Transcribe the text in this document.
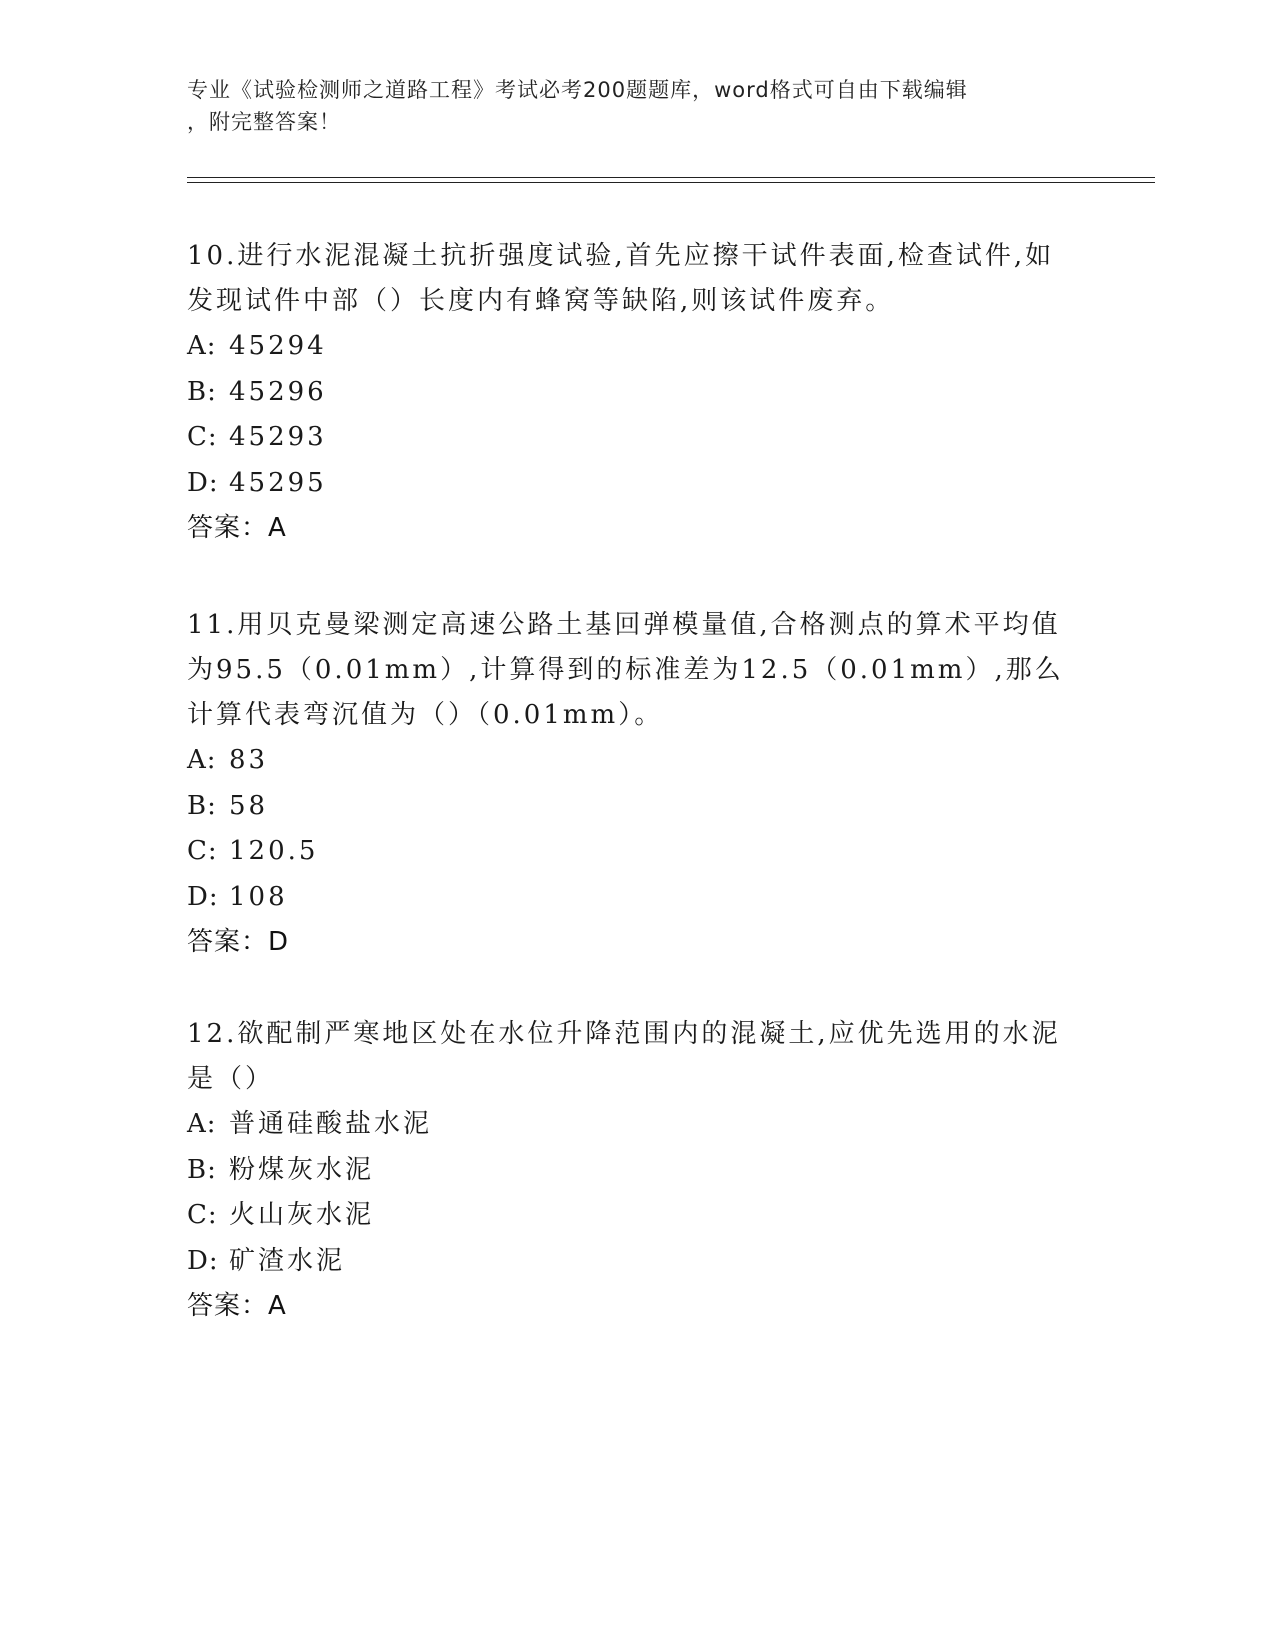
专业《试验检测师之道路工程》考试必考200题题库，word格式可自由下载编辑
，附完整答案！
10.进行水泥混凝土抗折强度试验,首先应擦干试件表面,检查试件,如发现试件中部（）长度内有蜂窝等缺陷,则该试件废弃。
A: 45294
B: 45296
C: 45293
D: 45295
答案：A
11.用贝克曼梁测定高速公路土基回弹模量值,合格测点的算术平均值为95.5（0.01mm）,计算得到的标准差为12.5（0.01mm）,那么计算代表弯沉值为（）（0.01mm）。
A: 83
B: 58
C: 120.5
D: 108
答案：D
12.欲配制严寒地区处在水位升降范围内的混凝土,应优先选用的水泥是（）
A: 普通硅酸盐水泥
B: 粉煤灰水泥
C: 火山灰水泥
D: 矿渣水泥
答案：A
